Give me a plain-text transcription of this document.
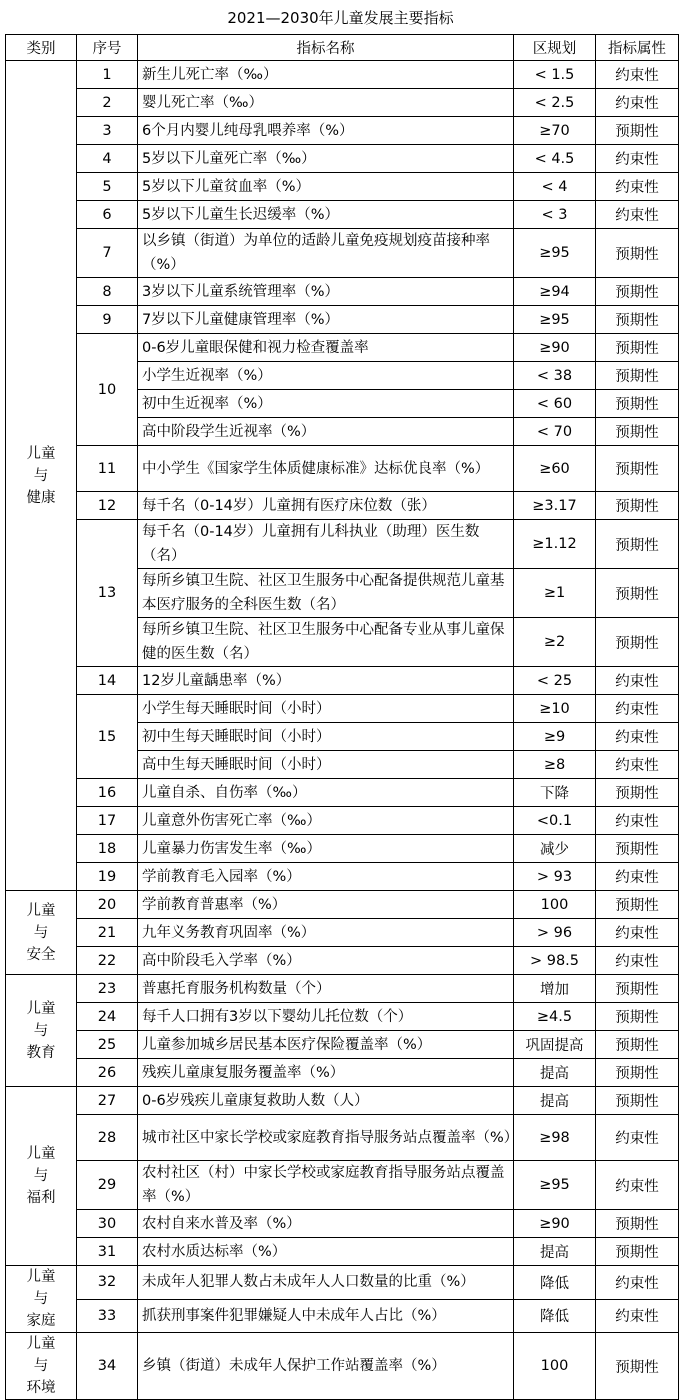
2021—2030年儿童发展主要指标
类别	序号	指标名称	区规划	指标属性
儿童
与
健康	1	新生儿死亡率（‰）	< 1.5	约束性
	2	婴儿死亡率（‰）	< 2.5	约束性
	3	6个月内婴儿纯母乳喂养率（%）	≥70	预期性
	4	5岁以下儿童死亡率（‰）	< 4.5	约束性
	5	5岁以下儿童贫血率（%）	< 4	约束性
	6	5岁以下儿童生长迟缓率（%）	< 3	约束性
	7	以乡镇（街道）为单位的适龄儿童免疫规划疫苗接种率（%）	≥95	预期性
	8	3岁以下儿童系统管理率（%）	≥94	预期性
	9	7岁以下儿童健康管理率（%）	≥95	预期性
	10	0-6岁儿童眼保健和视力检查覆盖率	≥90	预期性
		小学生近视率（%）	< 38	预期性
		初中生近视率（%）	< 60	预期性
		高中阶段学生近视率（%）	< 70	预期性
	11	中小学生《国家学生体质健康标准》达标优良率（%）	≥60	预期性
	12	每千名（0-14岁）儿童拥有医疗床位数（张）	≥3.17	预期性
	13	每千名（0-14岁）儿童拥有儿科执业（助理）医生数（名）	≥1.12	预期性
		每所乡镇卫生院、社区卫生服务中心配备提供规范儿童基本医疗服务的全科医生数（名）	≥1	预期性
		每所乡镇卫生院、社区卫生服务中心配备专业从事儿童保健的医生数（名）	≥2	预期性
	14	12岁儿童龋患率（%）	< 25	约束性
	15	小学生每天睡眠时间（小时）	≥10	约束性
		初中生每天睡眠时间（小时）	≥9	约束性
		高中生每天睡眠时间（小时）	≥8	约束性
	16	儿童自杀、自伤率（‰）	下降	预期性
	17	儿童意外伤害死亡率（‰）	<0.1	约束性
	18	儿童暴力伤害发生率（‰）	减少	预期性
	19	学前教育毛入园率（%）	> 93	约束性
儿童
与
安全	20	学前教育普惠率（%）	100	预期性
	21	九年义务教育巩固率（%）	> 96	约束性
	22	高中阶段毛入学率（%）	> 98.5	约束性
儿童
与
教育	23	普惠托育服务机构数量（个）	增加	预期性
	24	每千人口拥有3岁以下婴幼儿托位数（个）	≥4.5	预期性
	25	儿童参加城乡居民基本医疗保险覆盖率（%）	巩固提高	预期性
	26	残疾儿童康复服务覆盖率（%）	提高	预期性
儿童
与
福利	27	0-6岁残疾儿童康复救助人数（人）	提高	预期性
	28	城市社区中家长学校或家庭教育指导服务站点覆盖率（%）	≥98	约束性
	29	农村社区（村）中家长学校或家庭教育指导服务站点覆盖率（%）	≥95	约束性
	30	农村自来水普及率（%）	≥90	预期性
	31	农村水质达标率（%）	提高	预期性
儿童
与
家庭	32	未成年人犯罪人数占未成年人人口数量的比重（%）	降低	约束性
	33	抓获刑事案件犯罪嫌疑人中未成年人占比（%）	降低	约束性
儿童
与
环境	34	乡镇（街道）未成年人保护工作站覆盖率（%）	100	预期性
